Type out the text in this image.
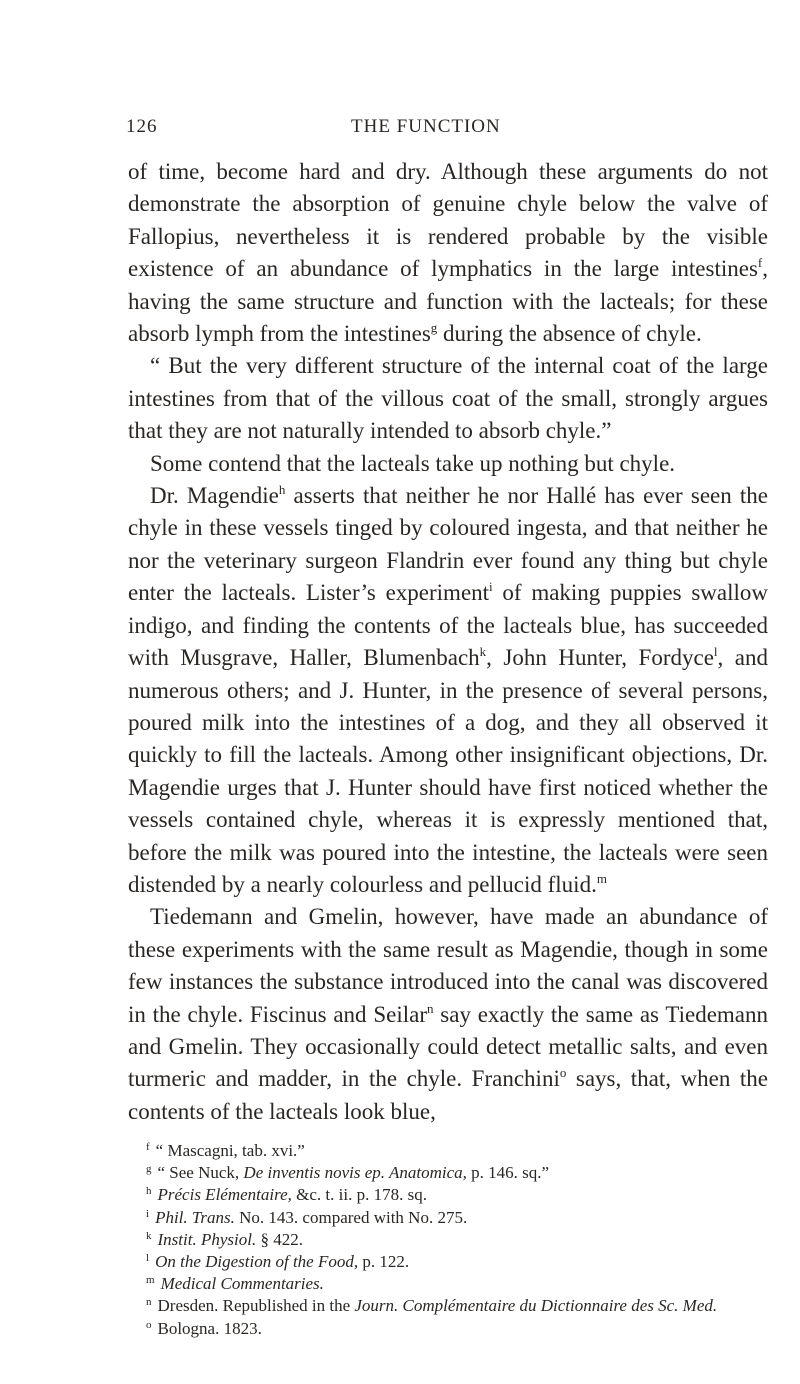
126	THE FUNCTION

of time, become hard and dry. Although these arguments do not demonstrate the absorption of genuine chyle below the valve of Fallopius, nevertheless it is rendered probable by the visible existence of an abundance of lymphatics in the large intestines$^f$, having the same structure and function with the lacteals; for these absorb lymph from the intestines$^g$ during the absence of chyle.

“ But the very different structure of the internal coat of the large intestines from that of the villous coat of the small, strongly argues that they are not naturally intended to absorb chyle.”

Some contend that the lacteals take up nothing but chyle.

Dr. Magendie$^h$ asserts that neither he nor Hallé has ever seen the chyle in these vessels tinged by coloured ingesta, and that neither he nor the veterinary surgeon Flandrin ever found any thing but chyle enter the lacteals. Lister’s experiment$^i$ of making puppies swallow indigo, and finding the contents of the lacteals blue, has succeeded with Musgrave, Haller, Blumenbach$^k$, John Hunter, Fordyce$^l$, and numerous others; and J. Hunter, in the presence of several persons, poured milk into the intestines of a dog, and they all observed it quickly to fill the lacteals. Among other insignificant objections, Dr. Magendie urges that J. Hunter should have first noticed whether the vessels contained chyle, whereas it is expressly mentioned that, before the milk was poured into the intestine, the lacteals were seen distended by a nearly colourless and pellucid fluid.$^m$

Tiedemann and Gmelin, however, have made an abundance of these experiments with the same result as Magendie, though in some few instances the substance introduced into the canal was discovered in the chyle. Fiscinus and Seilar$^n$ say exactly the same as Tiedemann and Gmelin. They occasionally could detect metallic salts, and even turmeric and madder, in the chyle. Franchini$^o$ says, that, when the contents of the lacteals look blue,

$^f$ “ Mascagni, tab. xvi.”

$^g$ “ See Nuck, De inventis novis ep. Anatomica, p. 146. sq.”

$^h$ Précis Elémentaire, &c. t. ii. p. 178. sq.

$^i$ Phil. Trans. No. 143. compared with No. 275.

$^k$ Instit. Physiol. § 422.

$^l$ On the Digestion of the Food, p. 122.

$^m$ Medical Commentaries.

$^n$ Dresden. Republished in the Journ. Complémentaire du Dictionnaire des Sc. Med.

$^o$ Bologna. 1823.
